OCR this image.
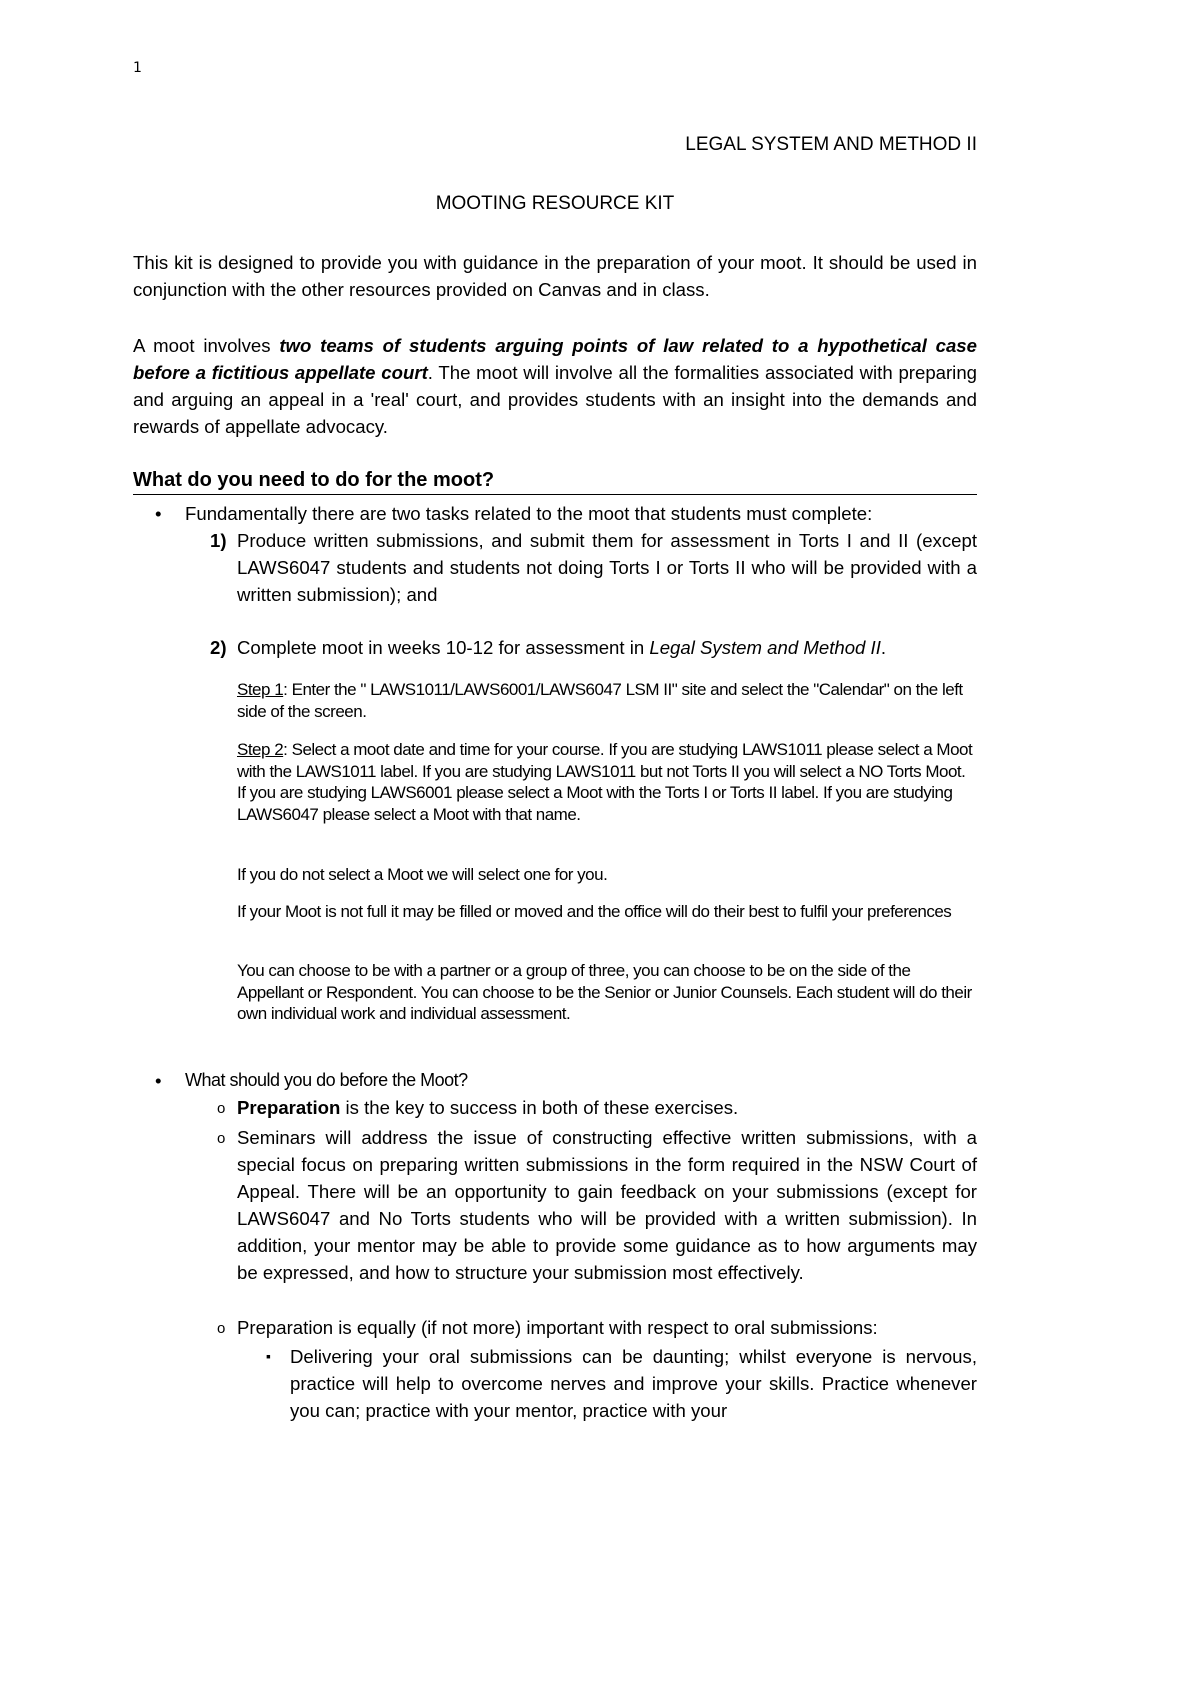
1
LEGAL SYSTEM AND METHOD II
MOOTING RESOURCE KIT
This kit is designed to provide you with guidance in the preparation of your moot. It should be used in conjunction with the other resources provided on Canvas and in class.
A moot involves two teams of students arguing points of law related to a hypothetical case before a fictitious appellate court. The moot will involve all the formalities associated with preparing and arguing an appeal in a 'real' court, and provides students with an insight into the demands and rewards of appellate advocacy.
What do you need to do for the moot?
• Fundamentally there are two tasks related to the moot that students must complete:
1) Produce written submissions, and submit them for assessment in Torts I and II (except LAWS6047 students and students not doing Torts I or Torts II who will be provided with a written submission); and
2) Complete moot in weeks 10-12 for assessment in Legal System and Method II.
Step 1: Enter the " LAWS1011/LAWS6001/LAWS6047 LSM II" site and select the "Calendar" on the left side of the screen.
Step 2: Select a moot date and time for your course. If you are studying LAWS1011 please select a Moot with the LAWS1011 label. If you are studying LAWS1011 but not Torts II you will select a NO Torts Moot. If you are studying LAWS6001 please select a Moot with the Torts I or Torts II label. If you are studying LAWS6047 please select a Moot with that name.
If you do not select a Moot we will select one for you.
If your Moot is not full it may be filled or moved and the office will do their best to fulfil your preferences
You can choose to be with a partner or a group of three, you can choose to be on the side of the Appellant or Respondent. You can choose to be the Senior or Junior Counsels. Each student will do their own individual work and individual assessment.
• What should you do before the Moot?
o Preparation is the key to success in both of these exercises.
o Seminars will address the issue of constructing effective written submissions, with a special focus on preparing written submissions in the form required in the NSW Court of Appeal. There will be an opportunity to gain feedback on your submissions (except for LAWS6047 and No Torts students who will be provided with a written submission). In addition, your mentor may be able to provide some guidance as to how arguments may be expressed, and how to structure your submission most effectively.
o Preparation is equally (if not more) important with respect to oral submissions:
▪ Delivering your oral submissions can be daunting; whilst everyone is nervous, practice will help to overcome nerves and improve your skills. Practice whenever you can; practice with your mentor, practice with your
